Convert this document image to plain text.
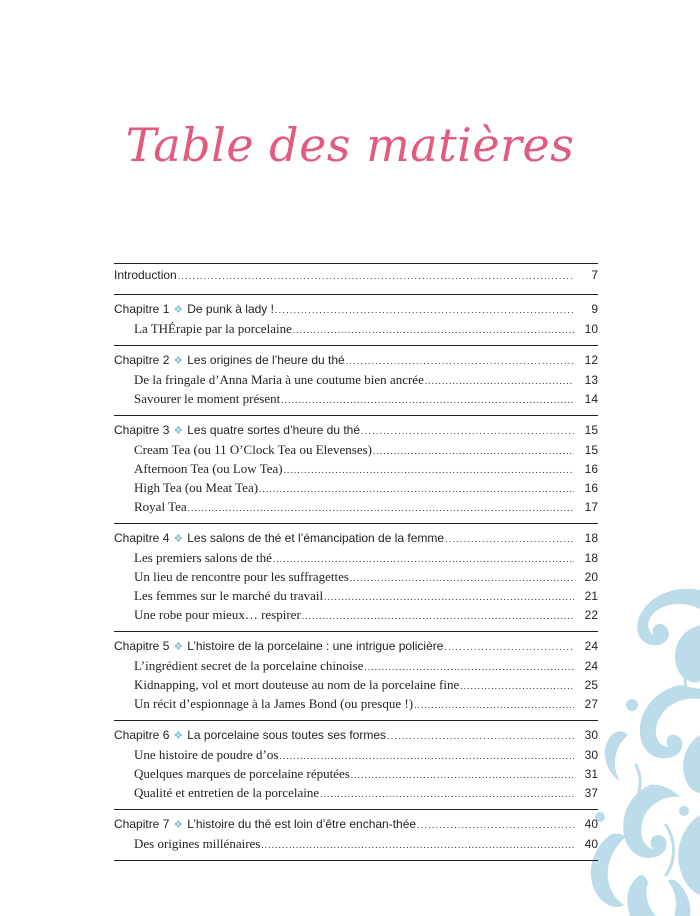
Table des matières
Introduction .....	7
Chapitre 1 ❖ De punk à lady ! .....	9
La THÉrapie par la porcelaine .....	10
Chapitre 2 ❖ Les origines de l’heure du thé .....	12
De la fringale d’Anna Maria à une coutume bien ancrée .....	13
Savourer le moment présent .....	14
Chapitre 3 ❖ Les quatre sortes d’heure du thé .....	15
Cream Tea (ou 11 O’Clock Tea ou Elevenses) .....	15
Afternoon Tea (ou Low Tea) .....	16
High Tea (ou Meat Tea) .....	16
Royal Tea .....	17
Chapitre 4 ❖ Les salons de thé et l’émancipation de la femme .....	18
Les premiers salons de thé .....	18
Un lieu de rencontre pour les suffragettes .....	20
Les femmes sur le marché du travail .....	21
Une robe pour mieux… respirer .....	22
Chapitre 5 ❖ L’histoire de la porcelaine : une intrigue policière .....	24
L’ingrédient secret de la porcelaine chinoise .....	24
Kidnapping, vol et mort douteuse au nom de la porcelaine fine .....	25
Un récit d’espionnage à la James Bond (ou presque !) .....	27
Chapitre 6 ❖ La porcelaine sous toutes ses formes .....	30
Une histoire de poudre d’os .....	30
Quelques marques de porcelaine réputées .....	31
Qualité et entretien de la porcelaine .....	37
Chapitre 7 ❖ L’histoire du thé est loin d’être enchan-thée .....	40
Des origines millénaires .....	40
